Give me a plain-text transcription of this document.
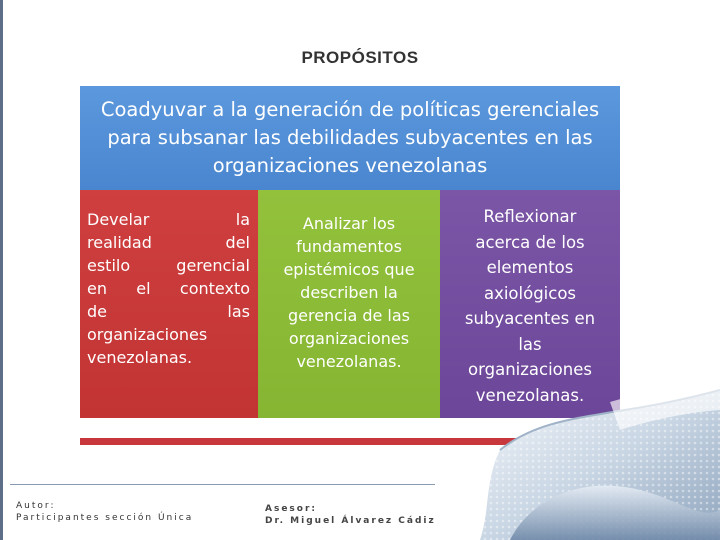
PROPÓSITOS
Coadyuvar a la generación de políticas gerenciales para subsanar las debilidades subyacentes en las organizaciones venezolanas
Develar	la
realidad	del
estilo	gerencial
en el contexto
de	las
organizaciones
venezolanas.
Analizar los
fundamentos
epistémicos que
describen la
gerencia de las
organizaciones
venezolanas.
Reflexionar
acerca de los
elementos
axiológicos
subyacentes en
las
organizaciones
venezolanas.
Autor:
Participantes sección Única
Asesor:
Dr. Miguel Álvarez Cádiz
